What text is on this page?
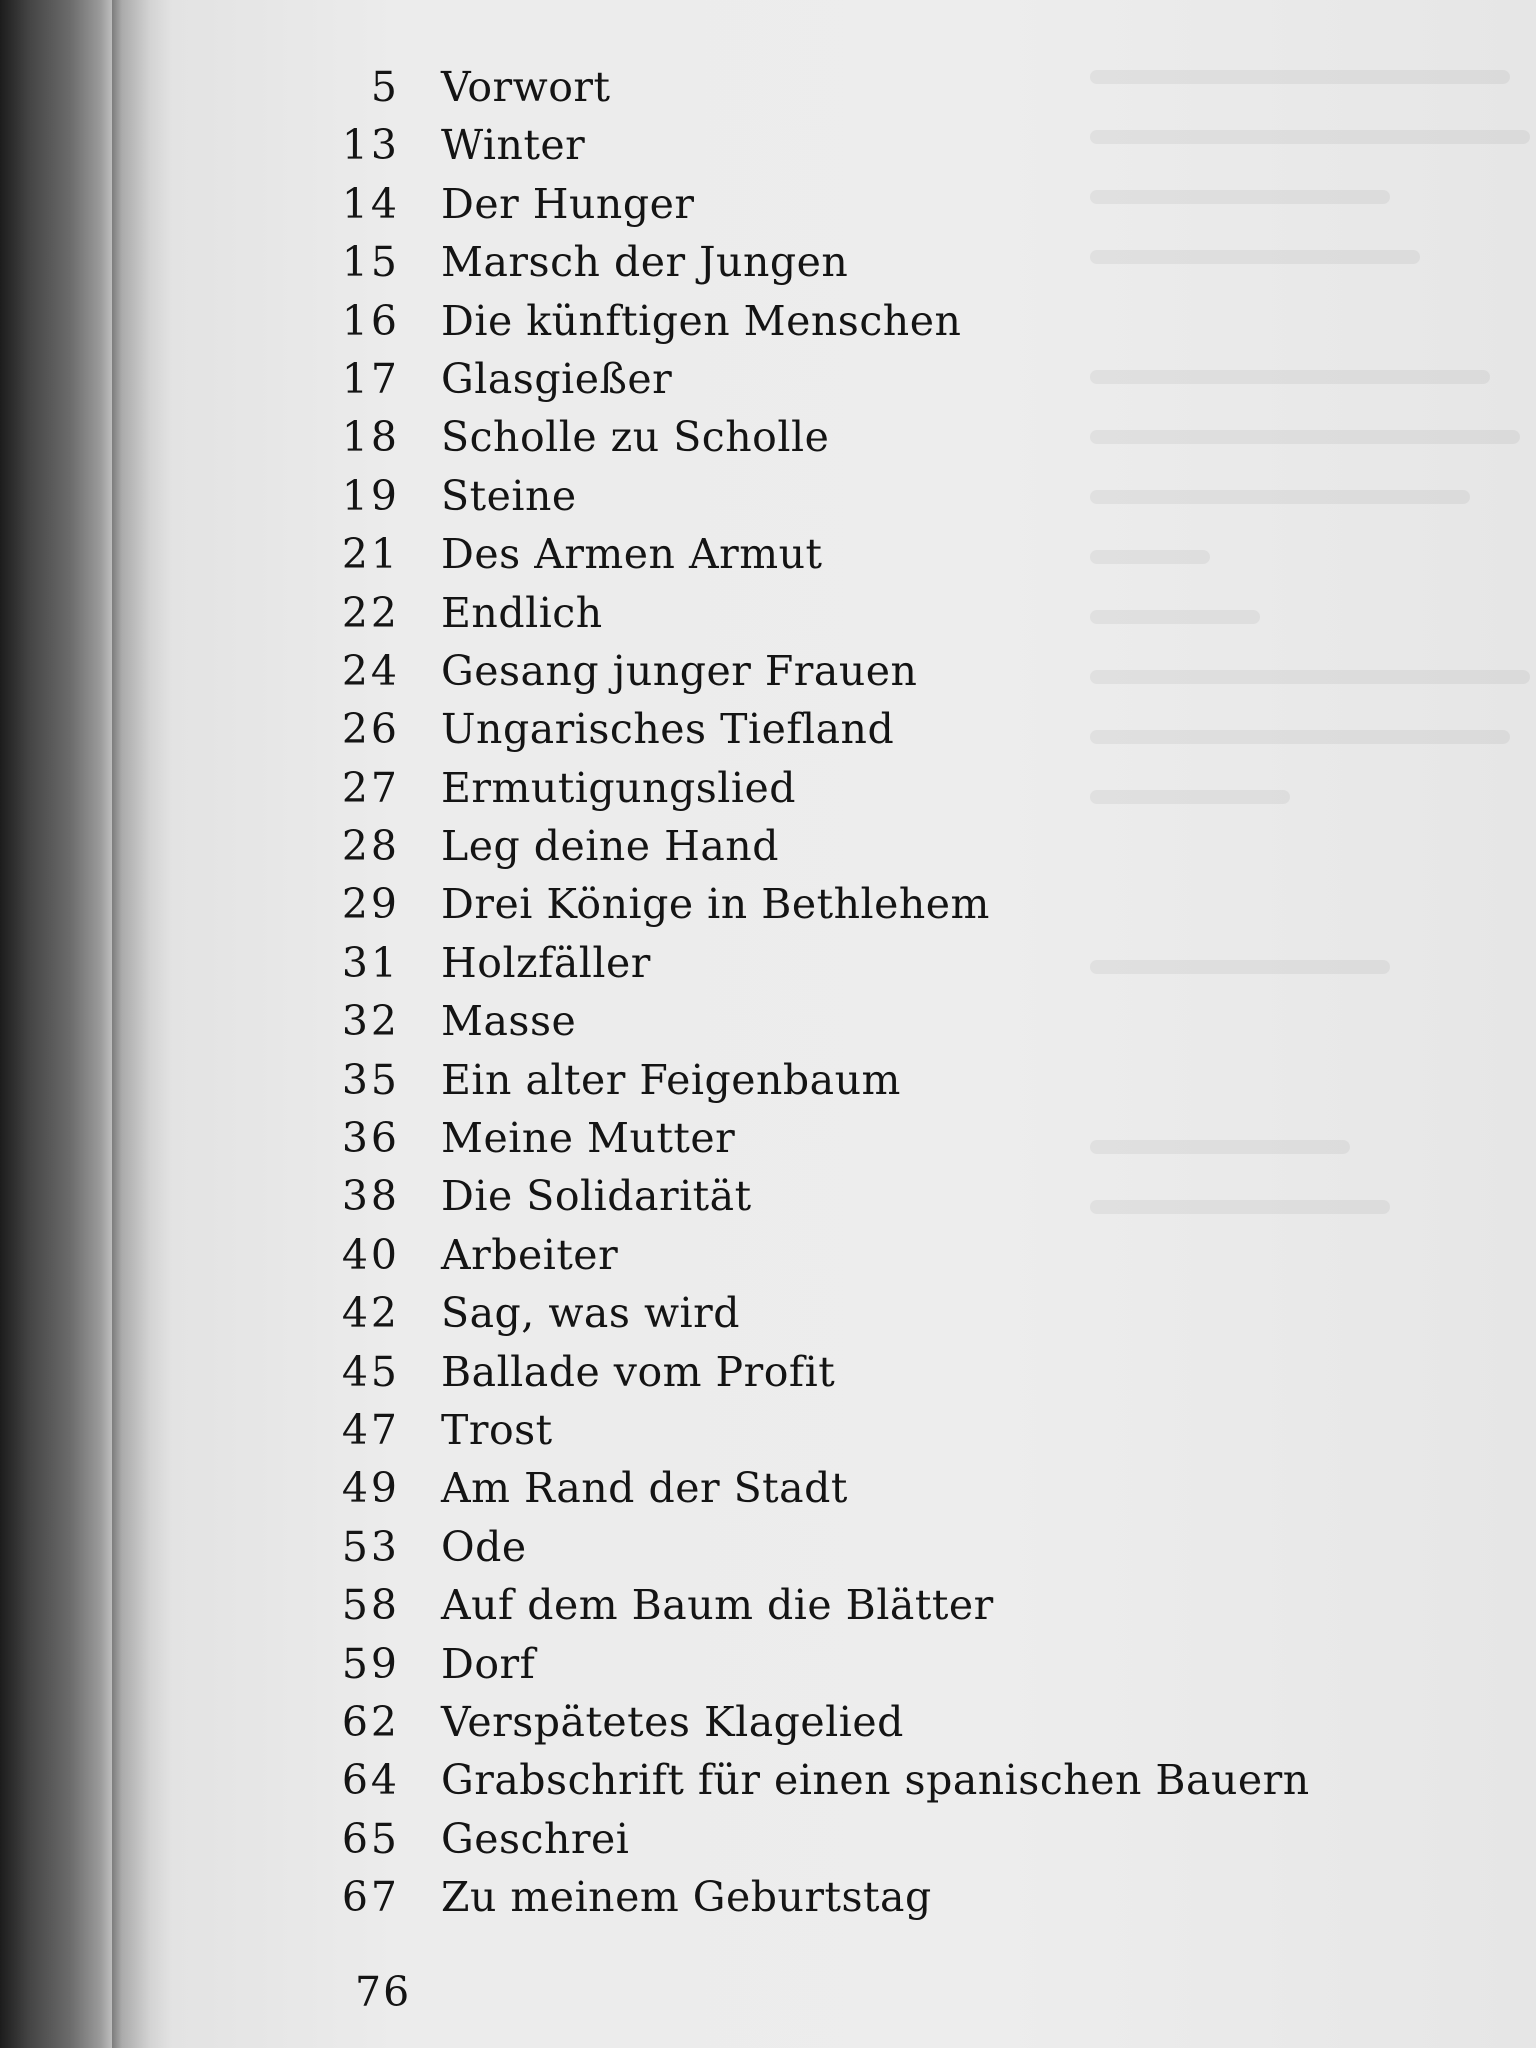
5 Vorwort
13 Winter
14 Der Hunger
15 Marsch der Jungen
16 Die künftigen Menschen
17 Glasgießer
18 Scholle zu Scholle
19 Steine
21 Des Armen Armut
22 Endlich
24 Gesang junger Frauen
26 Ungarisches Tiefland
27 Ermutigungslied
28 Leg deine Hand
29 Drei Könige in Bethlehem
31 Holzfäller
32 Masse
35 Ein alter Feigenbaum
36 Meine Mutter
38 Die Solidarität
40 Arbeiter
42 Sag, was wird
45 Ballade vom Profit
47 Trost
49 Am Rand der Stadt
53 Ode
58 Auf dem Baum die Blätter
59 Dorf
62 Verspätetes Klagelied
64 Grabschrift für einen spanischen Bauern
65 Geschrei
67 Zu meinem Geburtstag
76
